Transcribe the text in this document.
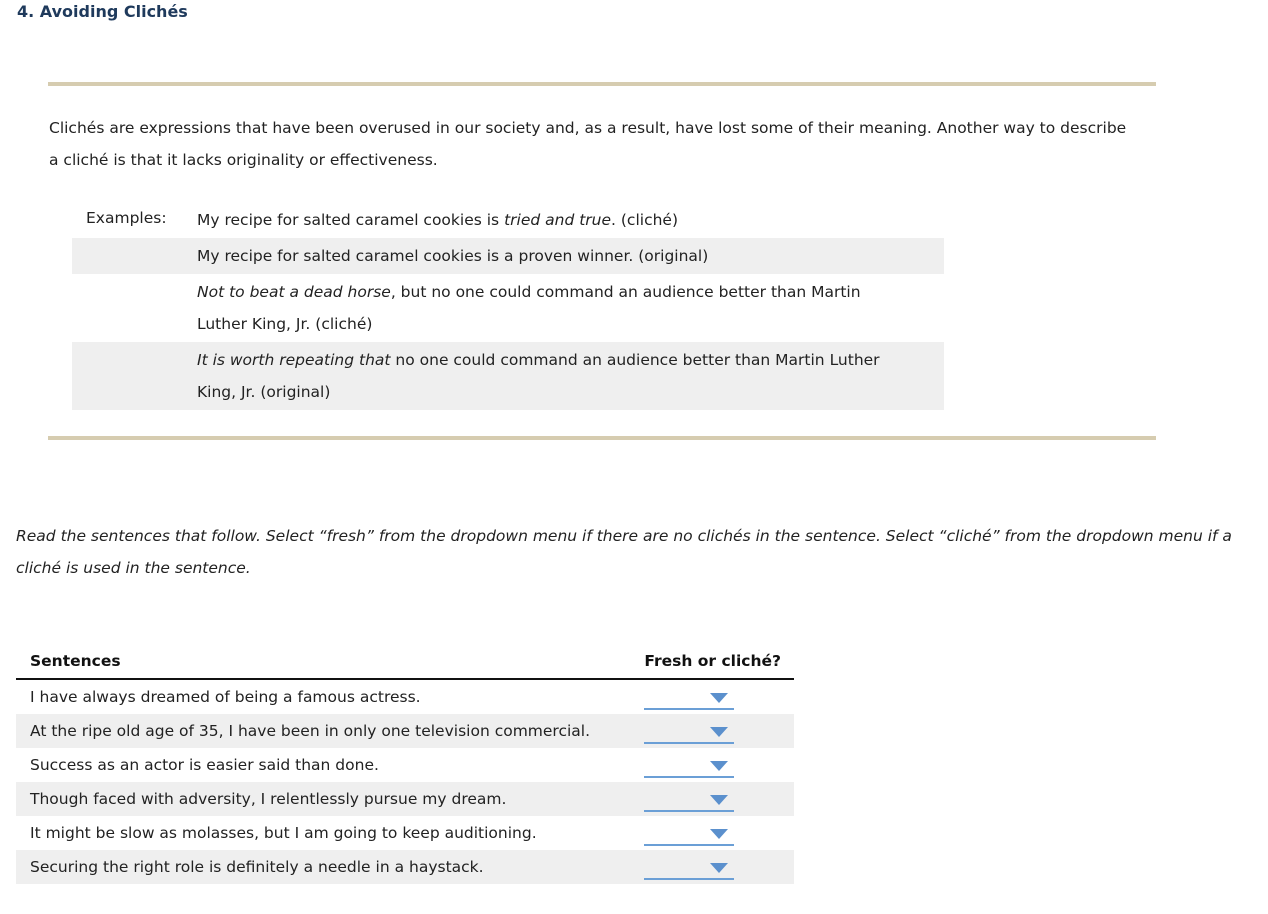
4. Avoiding Clichés
Clichés are expressions that have been overused in our society and, as a result, have lost some of their meaning. Another way to describe a cliché is that it lacks originality or effectiveness.
Examples:	My recipe for salted caramel cookies is tried and true. (cliché)
My recipe for salted caramel cookies is a proven winner. (original)
Not to beat a dead horse, but no one could command an audience better than Martin Luther King, Jr. (cliché)
It is worth repeating that no one could command an audience better than Martin Luther King, Jr. (original)
Read the sentences that follow. Select “fresh” from the dropdown menu if there are no clichés in the sentence. Select “cliché” from the dropdown menu if a cliché is used in the sentence.
Sentences	Fresh or cliché?
I have always dreamed of being a famous actress.
At the ripe old age of 35, I have been in only one television commercial.
Success as an actor is easier said than done.
Though faced with adversity, I relentlessly pursue my dream.
It might be slow as molasses, but I am going to keep auditioning.
Securing the right role is definitely a needle in a haystack.
